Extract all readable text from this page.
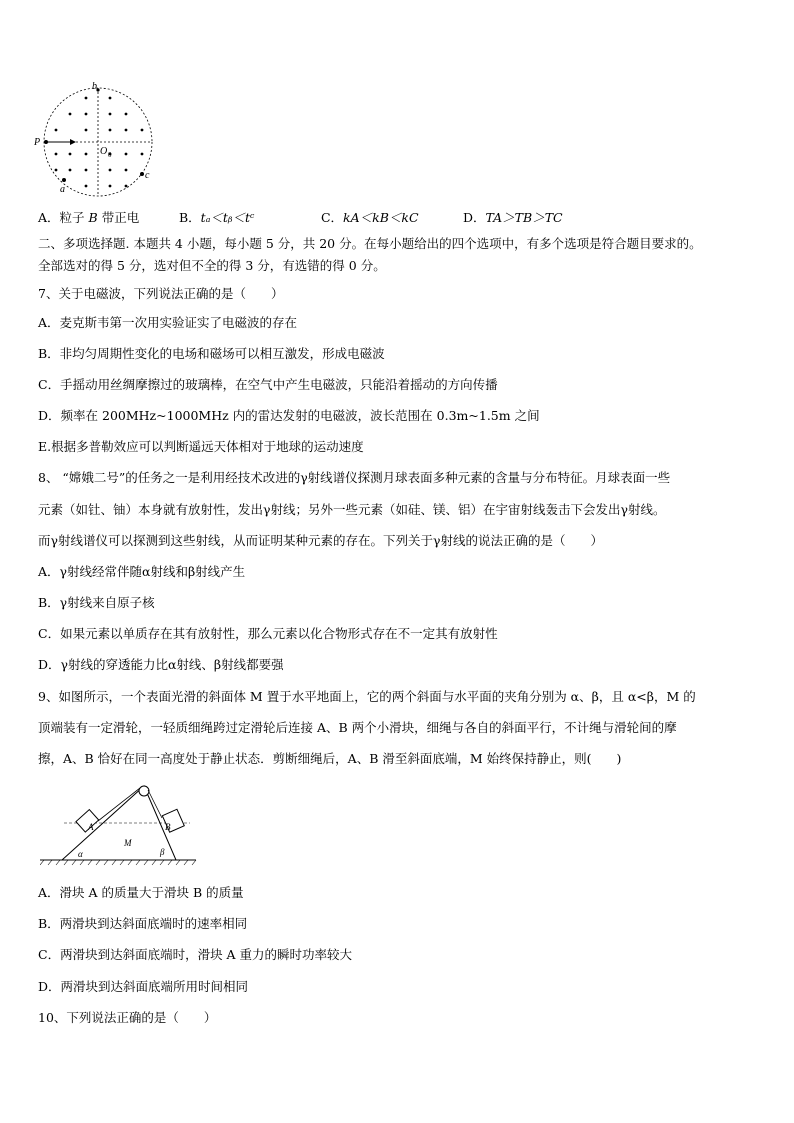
b
P
O 0
a
c
A．粒子 B 带正电	B．tₐ＜tᵦ＜tᶜ	C．kA＜kB＜kC	D．TA＞TB＞TC
二、多项选择题. 本题共 4 小题，每小题 5 分，共 20 分。在每小题给出的四个选项中，有多个选项是符合题目要求的。
全部选对的得 5 分，选对但不全的得 3 分，有选错的得 0 分。
7、关于电磁波，下列说法正确的是（　　）
A．麦克斯韦第一次用实验证实了电磁波的存在
B．非均匀周期性变化的电场和磁场可以相互激发，形成电磁波
C．手摇动用丝绸摩擦过的玻璃棒，在空气中产生电磁波，只能沿着摇动的方向传播
D．频率在 200MHz~1000MHz 内的雷达发射的电磁波，波长范围在 0.3m~1.5m 之间
E.根据多普勒效应可以判断遥远天体相对于地球的运动速度
8、 “嫦娥二号”的任务之一是利用经技术改进的γ射线谱仪探测月球表面多种元素的含量与分布特征。月球表面一些
元素（如钍、铀）本身就有放射性，发出γ射线；另外一些元素（如硅、镁、铝）在宇宙射线轰击下会发出γ射线。
而γ射线谱仪可以探测到这些射线，从而证明某种元素的存在。下列关于γ射线的说法正确的是（　　）
A．γ射线经常伴随α射线和β射线产生
B．γ射线来自原子核
C．如果元素以单质存在其有放射性，那么元素以化合物形式存在不一定其有放射性
D．γ射线的穿透能力比α射线、β射线都要强
9、如图所示，一个表面光滑的斜面体 M 置于水平地面上，它的两个斜面与水平面的夹角分别为 α、β，且 α<β，M 的
顶端装有一定滑轮，一轻质细绳跨过定滑轮后连接 A、B 两个小滑块，细绳与各自的斜面平行，不计绳与滑轮间的摩
擦，A、B 恰好在同一高度处于静止状态．剪断细绳后，A、B 滑至斜面底端，M 始终保持静止，则(　　)
A	B
M
α	β
A．滑块 A 的质量大于滑块 B 的质量
B．两滑块到达斜面底端时的速率相同
C．两滑块到达斜面底端时，滑块 A 重力的瞬时功率较大
D．两滑块到达斜面底端所用时间相同
10、下列说法正确的是（　　）
